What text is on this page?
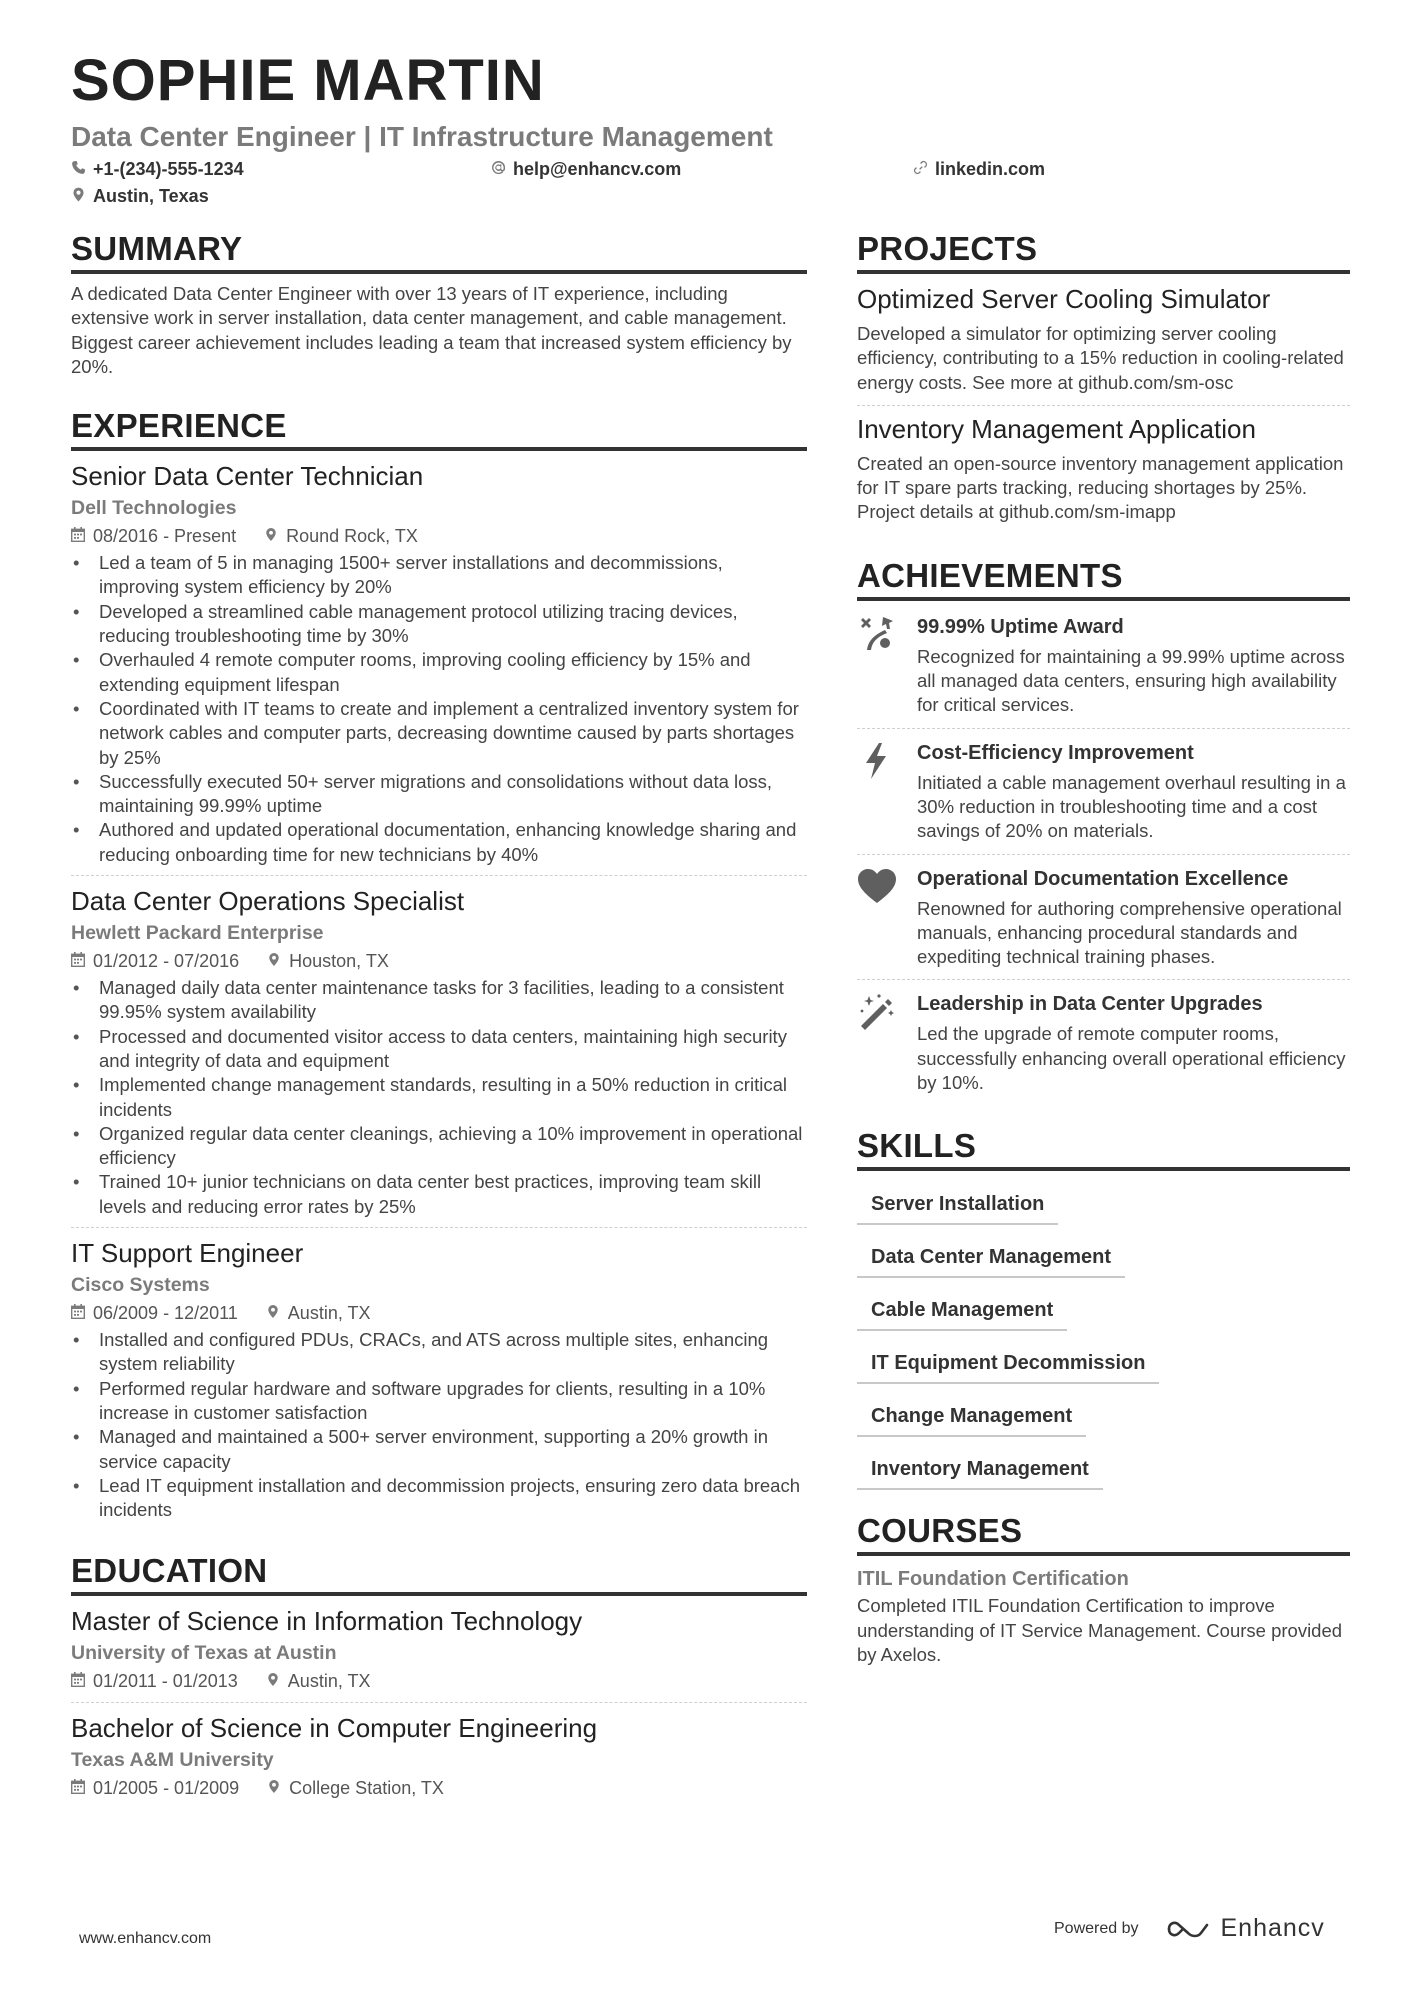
SOPHIE MARTIN
Data Center Engineer | IT Infrastructure Management
+1-(234)-555-1234	help@enhancv.com	linkedin.com
Austin, Texas
SUMMARY

A dedicated Data Center Engineer with over 13 years of IT experience, including extensive work in server installation, data center management, and cable management. Biggest career achievement includes leading a team that increased system efficiency by 20%.

EXPERIENCE
Senior Data Center Technician
Dell Technologies
08/2016 - Present	Round Rock, TX
• Led a team of 5 in managing 1500+ server installations and decommissions, improving system efficiency by 20%
• Developed a streamlined cable management protocol utilizing tracing devices, reducing troubleshooting time by 30%
• Overhauled 4 remote computer rooms, improving cooling efficiency by 15% and extending equipment lifespan
• Coordinated with IT teams to create and implement a centralized inventory system for network cables and computer parts, decreasing downtime caused by parts shortages by 25%
• Successfully executed 50+ server migrations and consolidations without data loss, maintaining 99.99% uptime
• Authored and updated operational documentation, enhancing knowledge sharing and reducing onboarding time for new technicians by 40%
Data Center Operations Specialist
Hewlett Packard Enterprise
01/2012 - 07/2016	Houston, TX
• Managed daily data center maintenance tasks for 3 facilities, leading to a consistent 99.95% system availability
• Processed and documented visitor access to data centers, maintaining high security and integrity of data and equipment
• Implemented change management standards, resulting in a 50% reduction in critical incidents
• Organized regular data center cleanings, achieving a 10% improvement in operational efficiency
• Trained 10+ junior technicians on data center best practices, improving team skill levels and reducing error rates by 25%
IT Support Engineer
Cisco Systems
06/2009 - 12/2011	Austin, TX
• Installed and configured PDUs, CRACs, and ATS across multiple sites, enhancing system reliability
• Performed regular hardware and software upgrades for clients, resulting in a 10% increase in customer satisfaction
• Managed and maintained a 500+ server environment, supporting a 20% growth in service capacity
• Lead IT equipment installation and decommission projects, ensuring zero data breach incidents
EDUCATION
Master of Science in Information Technology
University of Texas at Austin
01/2011 - 01/2013	Austin, TX
Bachelor of Science in Computer Engineering
Texas A&M University
01/2005 - 01/2009	College Station, TX
PROJECTS
Optimized Server Cooling Simulator

Developed a simulator for optimizing server cooling efficiency, contributing to a 15% reduction in cooling-related energy costs. See more at github.com/sm-osc

Inventory Management Application

Created an open-source inventory management application for IT spare parts tracking, reducing shortages by 25%. Project details at github.com/sm-imapp

ACHIEVEMENTS
99.99% Uptime Award

Recognized for maintaining a 99.99% uptime across all managed data centers, ensuring high availability for critical services.

Cost-Efficiency Improvement

Initiated a cable management overhaul resulting in a 30% reduction in troubleshooting time and a cost savings of 20% on materials.

Operational Documentation Excellence

Renowned for authoring comprehensive operational manuals, enhancing procedural standards and expediting technical training phases.

Leadership in Data Center Upgrades

Led the upgrade of remote computer rooms, successfully enhancing overall operational efficiency by 10%.

SKILLS
Server Installation
Data Center Management
Cable Management
IT Equipment Decommission
Change Management
Inventory Management
COURSES
ITIL Foundation Certification

Completed ITIL Foundation Certification to improve understanding of IT Service Management. Course provided by Axelos.

www.enhancv.com
Powered by	Enhancv
